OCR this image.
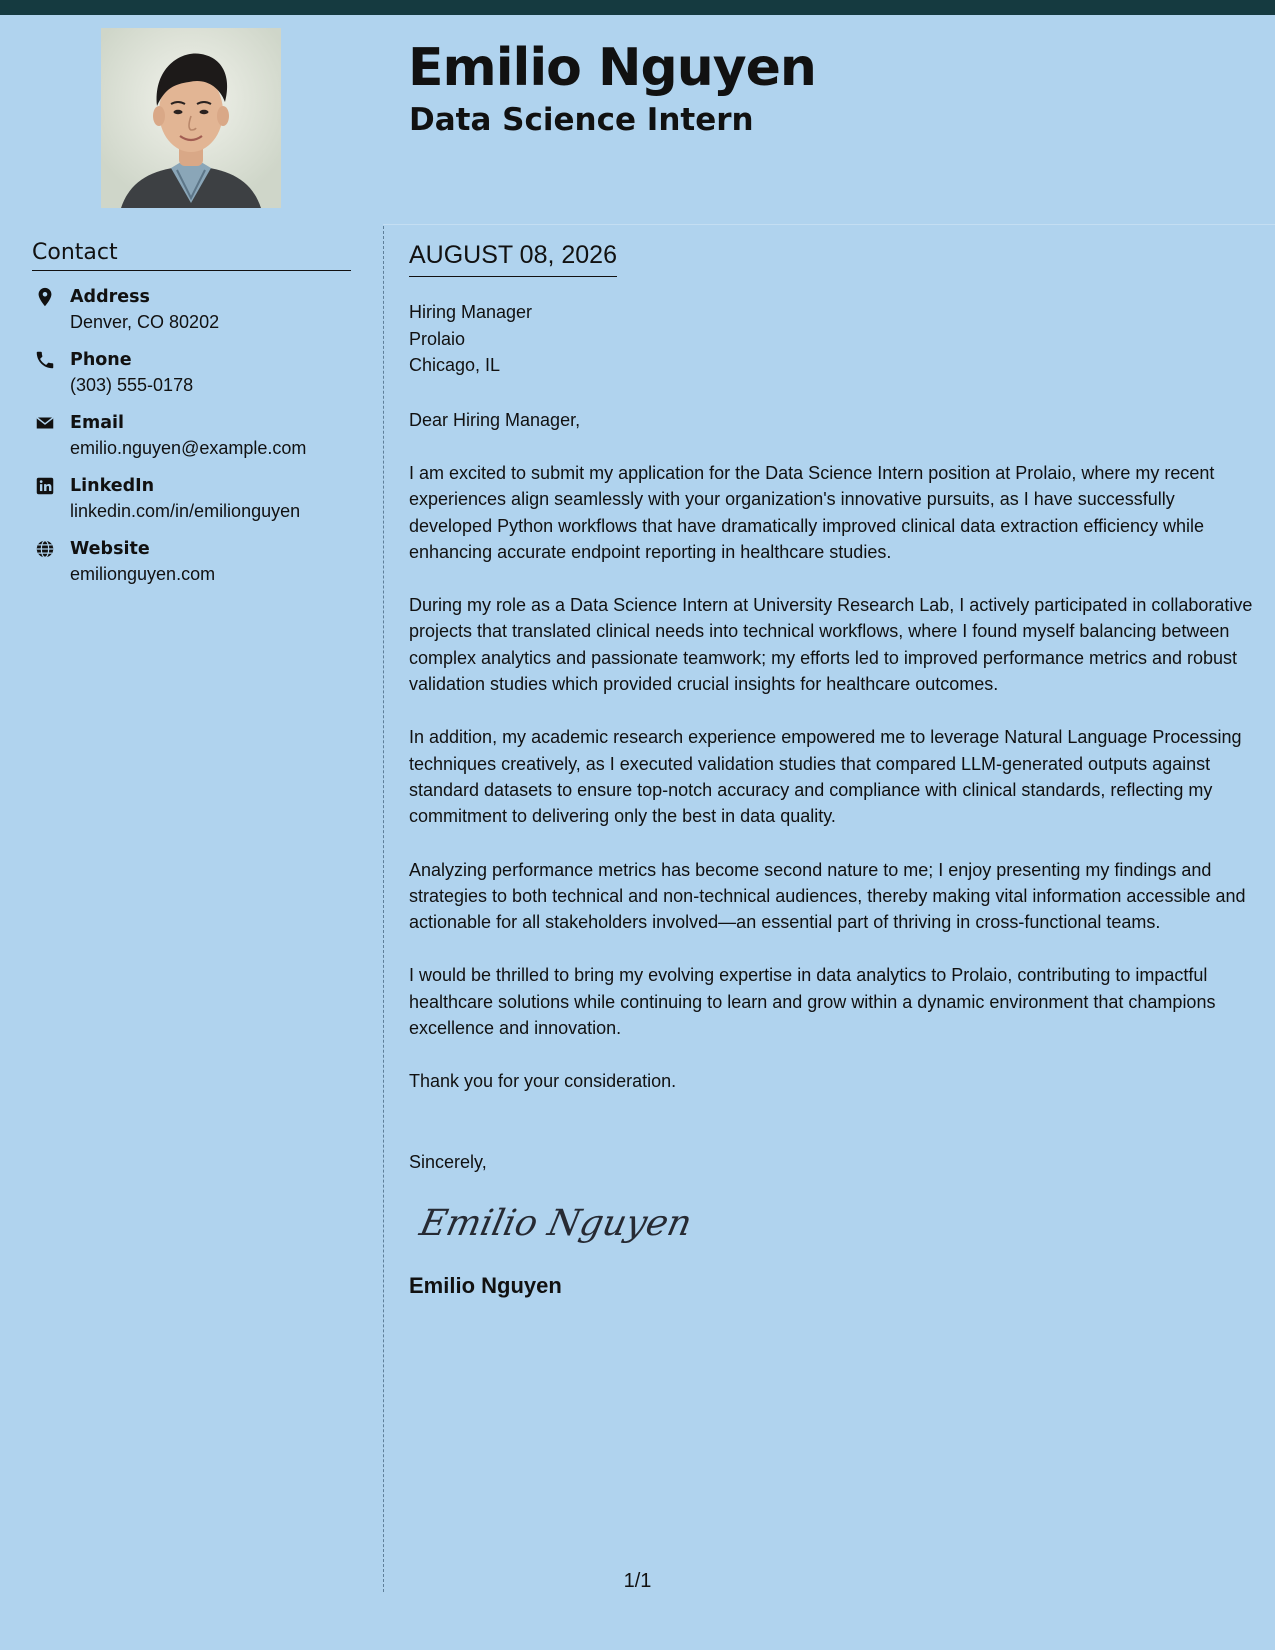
Emilio Nguyen
Data Science Intern
Contact
Address
Denver, CO 80202
Phone
(303) 555-0178
Email
emilio.nguyen@example.com
LinkedIn
linkedin.com/in/emilionguyen
Website
emilionguyen.com
AUGUST 08, 2026
Hiring Manager
Prolaio
Chicago, IL
Dear Hiring Manager,

I am excited to submit my application for the Data Science Intern position at Prolaio, where my recent experiences align seamlessly with your organization's innovative pursuits, as I have successfully developed Python workflows that have dramatically improved clinical data extraction efficiency while enhancing accurate endpoint reporting in healthcare studies.

During my role as a Data Science Intern at University Research Lab, I actively participated in collaborative projects that translated clinical needs into technical workflows, where I found myself balancing between complex analytics and passionate teamwork; my efforts led to improved performance metrics and robust validation studies which provided crucial insights for healthcare outcomes.

In addition, my academic research experience empowered me to leverage Natural Language Processing techniques creatively, as I executed validation studies that compared LLM-generated outputs against standard datasets to ensure top-notch accuracy and compliance with clinical standards, reflecting my commitment to delivering only the best in data quality.

Analyzing performance metrics has become second nature to me; I enjoy presenting my findings and strategies to both technical and non-technical audiences, thereby making vital information accessible and actionable for all stakeholders involved—an essential part of thriving in cross-functional teams.

I would be thrilled to bring my evolving expertise in data analytics to Prolaio, contributing to impactful healthcare solutions while continuing to learn and grow within a dynamic environment that champions excellence and innovation.

Thank you for your consideration.

Sincerely,
Emilio Nguyen
Emilio Nguyen
1/1
